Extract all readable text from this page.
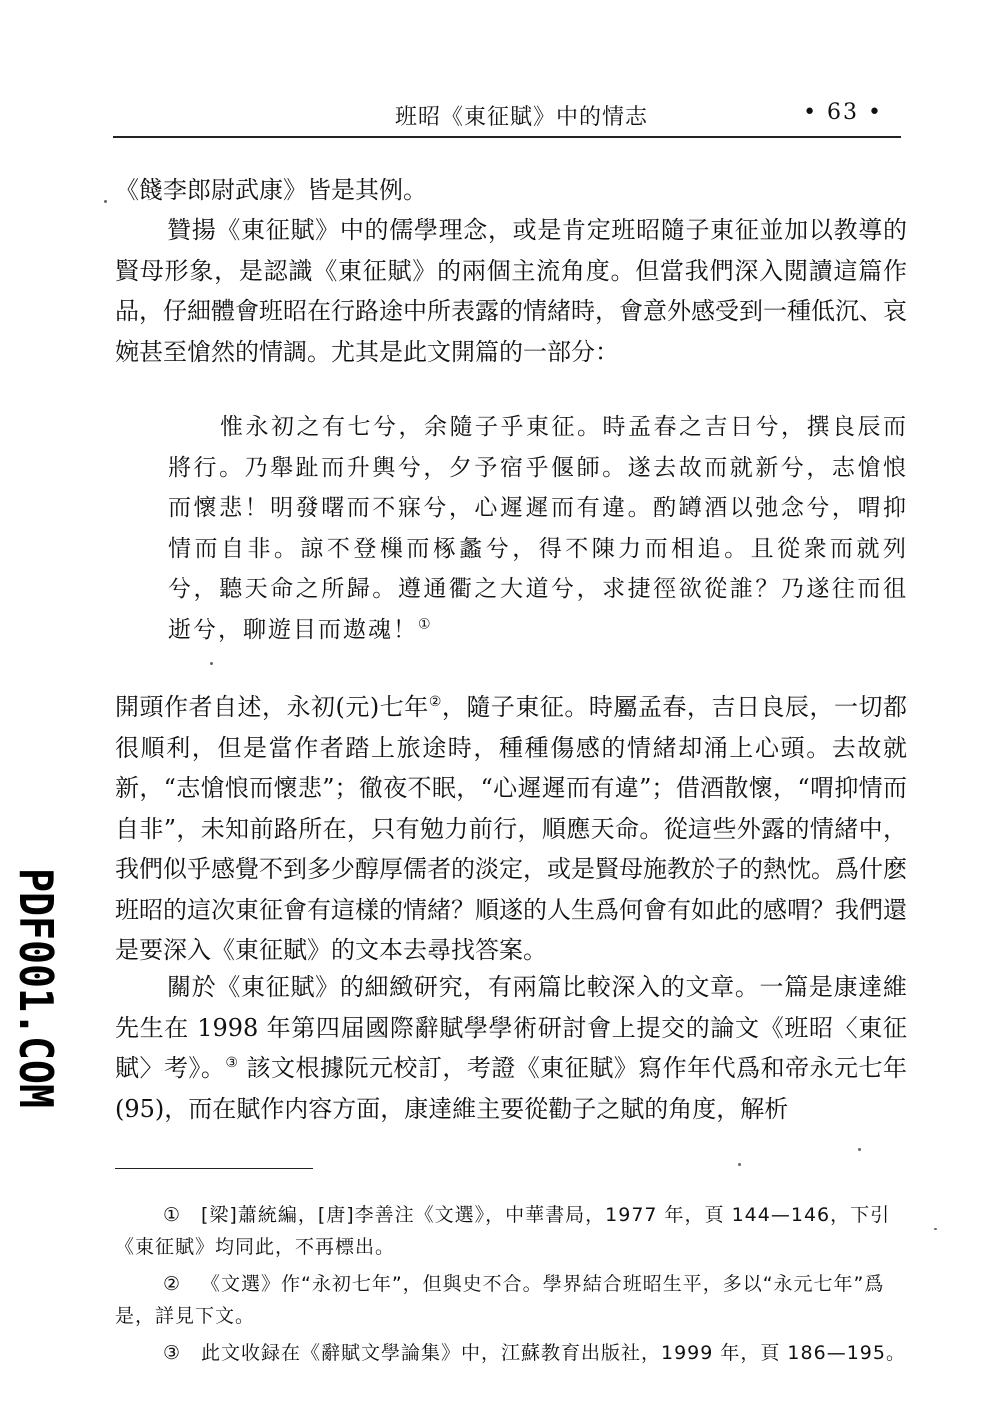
班昭《東征賦》中的情志	• 63 •

《餞李郎尉武康》皆是其例。

贊揚《東征賦》中的儒學理念，或是肯定班昭隨子東征並加以教導的賢母形象，是認識《東征賦》的兩個主流角度。但當我們深入閲讀這篇作品，仔細體會班昭在行路途中所表露的情緒時，會意外感受到一種低沉、哀婉甚至愴然的情調。尤其是此文開篇的一部分：

惟永初之有七兮，余隨子乎東征。時孟春之吉日兮，撰良辰而將行。乃舉趾而升輿兮，夕予宿乎偃師。遂去故而就新兮，志愴悢而懷悲！明發曙而不寐兮，心遲遲而有違。酌罇酒以弛念兮，喟抑情而自非。諒不登樔而椓蠡兮，得不陳力而相追。且從衆而就列兮，聽天命之所歸。遵通衢之大道兮，求捷徑欲從誰？乃遂往而徂逝兮，聊遊目而遨魂！①

開頭作者自述，永初(元)七年②，隨子東征。時屬孟春，吉日良辰，一切都很順利，但是當作者踏上旅途時，種種傷感的情緒却涌上心頭。去故就新，“志愴悢而懷悲”；徹夜不眠，“心遲遲而有違”；借酒散懷，“喟抑情而自非”，未知前路所在，只有勉力前行，順應天命。從這些外露的情緒中，我們似乎感覺不到多少醇厚儒者的淡定，或是賢母施教於子的熱忱。爲什麽班昭的這次東征會有這樣的情緒？順遂的人生爲何會有如此的感喟？我們還是要深入《東征賦》的文本去尋找答案。

關於《東征賦》的細緻研究，有兩篇比較深入的文章。一篇是康達維先生在 1998 年第四届國際辭賦學學術研討會上提交的論文《班昭〈東征賦〉考》。③ 該文根據阮元校訂，考證《東征賦》寫作年代爲和帝永元七年(95)，而在賦作内容方面，康達維主要從勸子之賦的角度，解析

① [梁]蕭統編，[唐]李善注《文選》，中華書局，1977 年，頁 144—146，下引《東征賦》均同此，不再標出。
② 《文選》作“永初七年”，但與史不合。學界結合班昭生平，多以“永元七年”爲是，詳見下文。
③ 此文收録在《辭賦文學論集》中，江蘇教育出版社，1999 年，頁 186—195。
PDF001.COM
